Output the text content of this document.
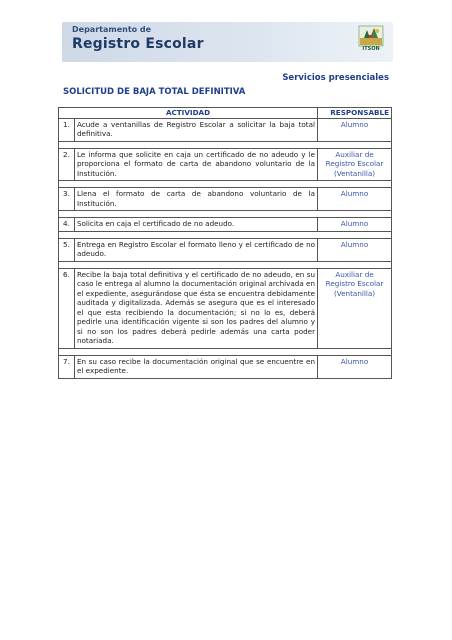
Departamento de
Registro Escolar	ITSON
Servicios presenciales
SOLICITUD DE BAJA TOTAL DEFINITIVA
ACTIVIDAD		RESPONSABLE
1.	Acude a ventanillas de Registro Escolar a solicitar la baja total definitiva.	Alumno

2.	Le informa que solicite en caja un certificado de no adeudo y le proporciona el formato de carta de abandono voluntario de la Institución.	Auxiliar de Registro Escolar (Ventanilla)

3.	Llena el formato de carta de abandono voluntario de la Institución.	Alumno

4.	Solicita en caja el certificado de no adeudo.	Alumno

5.	Entrega en Registro Escolar el formato lleno y el certificado de no adeudo.	Alumno

6.	Recibe la baja total definitiva y el certificado de no adeudo, en su caso le entrega al alumno la documentación original archivada en el expediente, asegurándose que ésta se encuentra debidamente auditada y digitalizada. Además se asegura que es el interesado el que esta recibiendo la documentación; si no lo es, deberá pedirle una identificación vigente si son los padres del alumno y si no son los padres deberá pedirle además una carta poder notariada.	Auxiliar de Registro Escolar (Ventanilla)

7.	En su caso recibe la documentación original que se encuentre en el expediente.	Alumno
